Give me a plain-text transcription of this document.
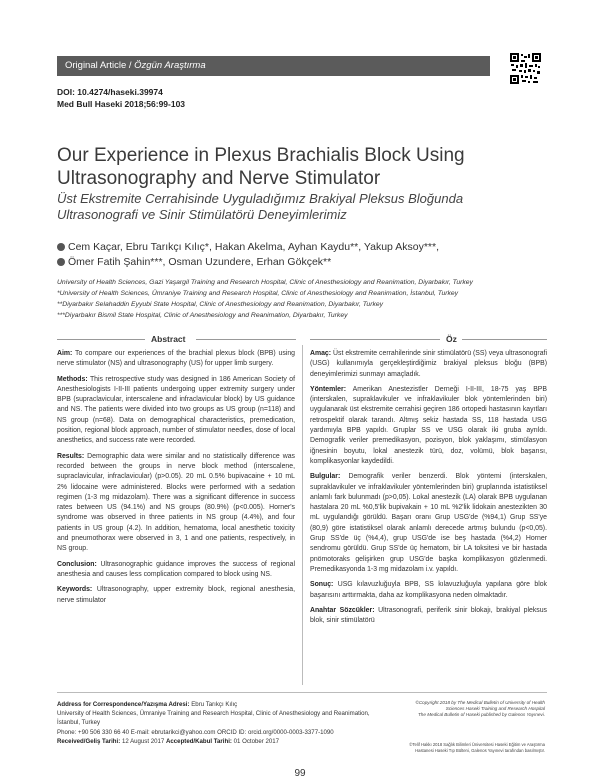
Original Article / Özgün Araştırma
DOI: 10.4274/haseki.39974
Med Bull Haseki 2018;56:99-103
Our Experience in Plexus Brachialis Block Using Ultrasonography and Nerve Stimulator
Üst Ekstremite Cerrahisinde Uyguladığımız Brakiyal Pleksus Bloğunda Ultrasonografi ve Sinir Stimülatörü Deneyimlerimiz
Cem Kaçar, Ebru Tarıkçı Kılıç*, Hakan Akelma, Ayhan Kaydu**, Yakup Aksoy***,
Ömer Fatih Şahin***, Osman Uzundere, Erhan Gökçek**
University of Health Sciences, Gazi Yaşargil Training and Research Hospital, Clinic of Anesthesiology and Reanimation, Diyarbakır, Turkey
*University of Health Sciences, Ümraniye Training and Research Hospital, Clinic of Anesthesiology and Reanimation, İstanbul, Turkey
**Diyarbakır Selahaddin Eyyubi State Hospital, Clinic of Anesthesiology and Reanimation, Diyarbakır, Turkey
***Diyarbakır Bismil State Hospital, Clinic of Anesthesiology and Reanimation, Diyarbakır, Turkey
Abstract	Öz

Aim: To compare our experiences of the brachial plexus block (BPB) using nerve stimulator (NS) and ultrasonography (US) for upper limb surgery.

Methods: This retrospective study was designed in 186 American Society of Anesthesiologists I-II-III patients undergoing upper extremity surgery under BPB (supraclavicular, interscalene and infraclavicular block) by US guidance and NS. The patients were divided into two groups as US group (n=118) and NS group (n=68). Data on demographical characteristics, premedication, position, regional block approach, number of stimulator needles, dose of local anesthetics, and success rate were recorded.

Results: Demographic data were similar and no statistically difference was recorded between the groups in nerve block method (interscalene, supraclavicular, infraclavicular) (p>0.05). 20 mL 0.5% bupivacaine + 10 mL 2% lidocaine were administered. Blocks were performed with a sedation regimen (1-3 mg midazolam). There was a significant difference in success rates between US (94.1%) and NS groups (80.9%) (p<0.005). Horner's syndrome was observed in three patients in NS group (4.4%), and four patients in US group (4.2). In addition, hematoma, local anesthetic toxicity and pneumothorax were observed in 3, 1 and one patients, respectively, in NS group.

Conclusion: Ultrasonographic guidance improves the success of regional anesthesia and causes less complication compared to block using NS.

Keywords: Ultrasonography, upper extremity block, regional anesthesia, nerve stimulator

Amaç: Üst ekstremite cerrahilerinde sinir stimülatörü (SS) veya ultrasonografi (USG) kullanımıyla gerçekleştirdiğimiz brakiyal pleksus bloğu (BPB) deneyimlerimizi sunmayı amaçladık.

Yöntemler: Amerikan Anestezistler Derneği I-II-III, 18-75 yaş BPB (interskalen, supraklavikuler ve infraklavikuler blok yöntemlerinden biri) uygulanarak üst ekstremite cerrahisi geçiren 186 ortopedi hastasının kayıtları retrospektif olarak tarandı. Altmış sekiz hastada SS, 118 hastada USG yardımıyla BPB yapıldı. Gruplar SS ve USG olarak iki gruba ayrıldı. Demografik veriler premedikasyon, pozisyon, blok yaklaşımı, stimülasyon iğnesinin boyutu, lokal anestezik türü, doz, volümü, blok başarısı, komplikasyonlar kaydedildi.

Bulgular: Demografik veriler benzerdi. Blok yöntemi (interskalen, supraklavikuler ve infraklavikuler yöntemlerinden biri) gruplarında istatistiksel anlamlı fark bulunmadı (p>0,05). Lokal anestezik (LA) olarak BPB uygulanan hastalara 20 mL %0,5'lik bupivakain + 10 mL %2'lik lidokain anestezikten 30 mL uygulandığı görüldü. Başarı oranı Grup USG'de (%94,1) Grup SS'ye (80,9) göre istatistiksel olarak anlamlı derecede artmış bulundu (p<0,05). Grup SS'de üç (%4,4), grup USG'de ise beş hastada (%4,2) Horner sendromu görüldü. Grup SS'de üç hematom, bir LA toksitesi ve bir hastada pnömotoraks gelişirken grup USG'de başka komplikasyon gözlenmedi. Premedikasyonda 1-3 mg midazolam i.v. yapıldı.

Sonuç: USG kılavuzluğuyla BPB, SS kılavuzluğuyla yapılana göre blok başarısını arttırmakta, daha az komplikasyona neden olmaktadır.

Anahtar Sözcükler: Ultrasonografi, periferik sinir blokajı, brakiyal pleksus blok, sinir stimülatörü

Address for Correspondence/Yazışma Adresi: Ebru Tarıkçı Kılıç
University of Health Sciences, Ümraniye Training and Research Hospital, Clinic of Anesthesiology and Reanimation, İstanbul, Turkey
Phone: +90 506 330 66 40 E-mail: ebrutarikci@yahoo.com ORCID ID: orcid.org/0000-0003-3377-1090
Received/Geliş Tarihi: 12 August 2017 Accepted/Kabul Tarihi: 01 October 2017
©Copyright 2018 by The Medical Bulletin of University of Health Sciences Haseki Training and Research Hospital
The Medical Bulletin of Haseki published by Galenos Yayınevi.
©Telif Hakkı 2018 Sağlık Bilimleri Üniversitesi Haseki Eğitim ve Araştırma Hastanesi Haseki Tıp Bülteni, Galenos Yayınevi tarafından basılmıştır.
99
